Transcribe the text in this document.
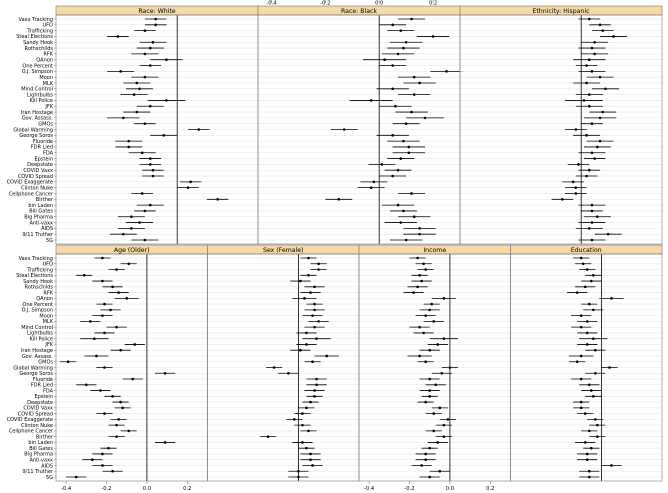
Race: White	Race: Black
-0.4	-0.2	0.0	0.2
Ethnicity: Hispanic
Vaxx Tracking
UFO
Trafficking
Steal Elections
Sandy Hook
Rothschilds
RFK
QAnon
One Percent
O.J. Simpson
Moon
MLK
Mind Control
Lightbulbs
Kill Police
JFK
Iran Hostage
Gov. Assass.
GMOs
Global Warming
George Soros
Fluoride
FDR Lied
FDA
Epstein
Deepstate
COVID Vaxx
COVID Spread
COVID Exaggerate
Clinton Nuke
Cellphone Cancer
Birther
bin Laden
Bill Gates
Big Pharma
Anti-vaxx
AIDS
9/11 Truther
5G
Age (Older)
-0.4	-0.2	0.0	0.2
Sex (Female)	Income
-0.4	-0.2	0.0	0.2
Education
Vaxx Tracking
UFO
Trafficking
Steal Elections
Sandy Hook
Rothschilds
RFK
QAnon
One Percent
O.J. Simpson
Moon
MLK
Mind Control
Lightbulbs
Kill Police
JFK
Iran Hostage
Gov. Assass.
GMOs
Global Warming
George Soros
Fluoride
FDR Lied
FDA
Epstein
Deepstate
COVID Vaxx
COVID Spread
COVID Exaggerate
Clinton Nuke
Cellphone Cancer
Birther
bin Laden
Bill Gates
Big Pharma
Anti-vaxx
AIDS
9/11 Truther
5G
